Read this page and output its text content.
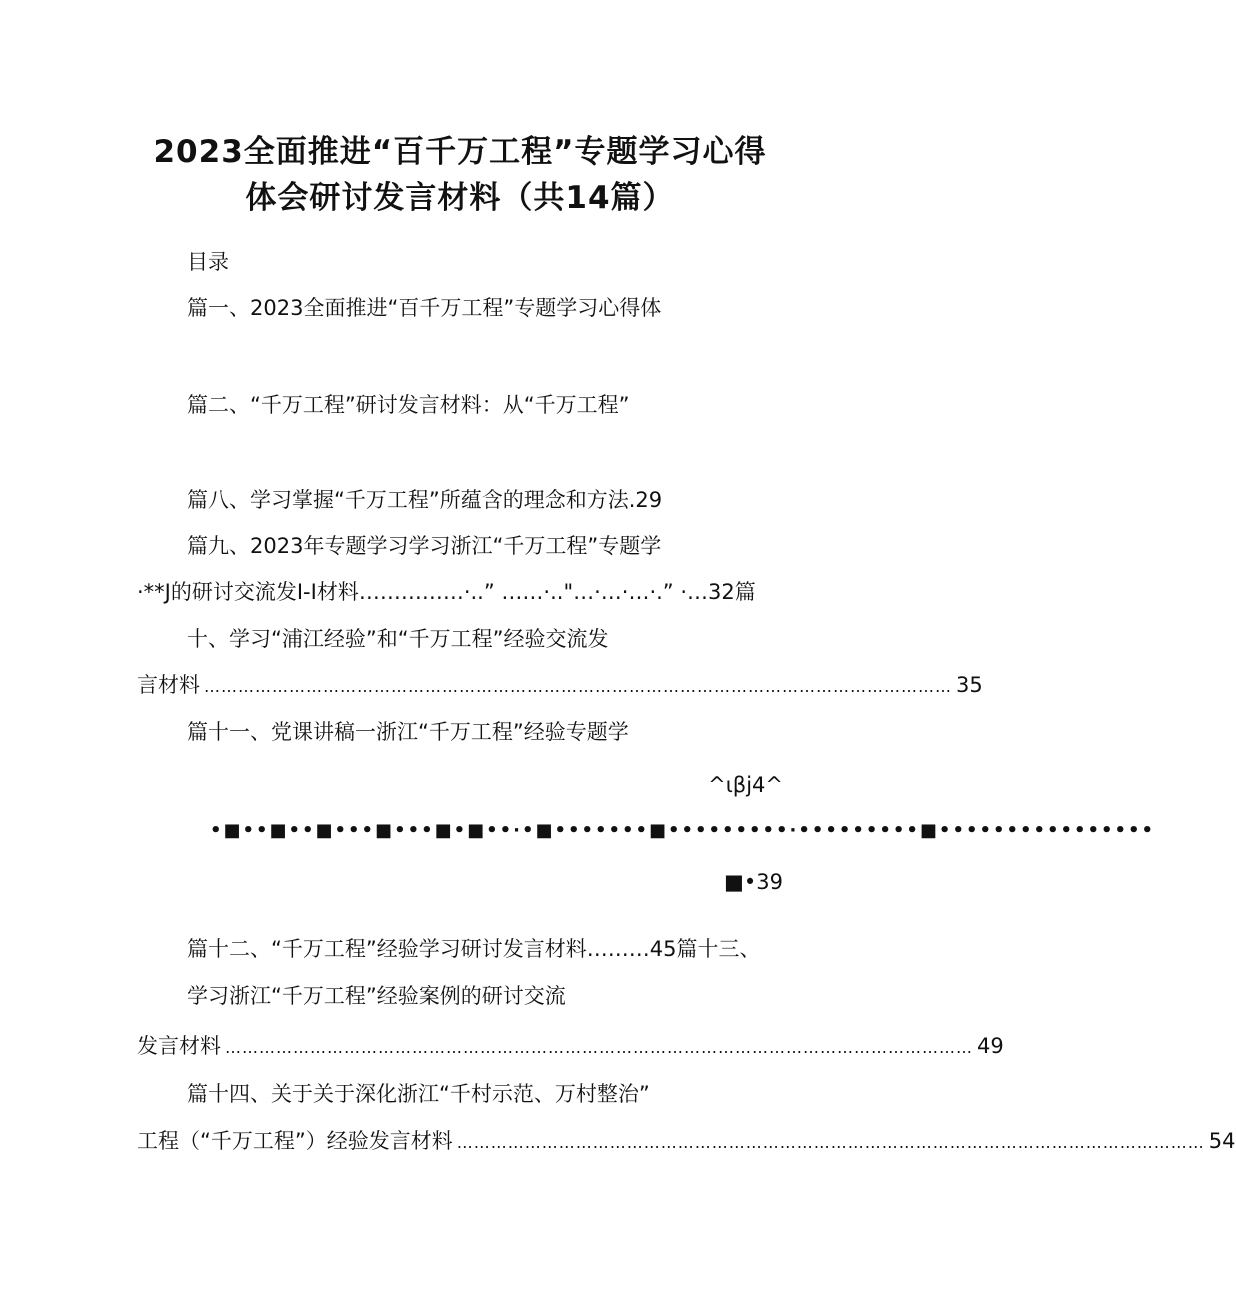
2023全面推进“百千万工程”专题学习心得
体会研讨发言材料（共14篇）
目录
篇一、2023全面推进“百千万工程”专题学习心得体
篇二、“千万工程”研讨发言材料：从“千万工程”
篇八、学习掌握“千万工程”所蕴含的理念和方法.29
篇九、2023年专题学习学习浙江“千万工程”专题学
·**J的研讨交流发I-I材料……………·..” ……·.."…·…·…·.” ·…32篇
十、学习“浦江经验”和“千万工程”经验交流发
言材料 …………………………………………………………………………………………………………………… 35
篇十一、党课讲稿一浙江“千万工程”经验专题学
^ιβj4^
•■••■••■•••■•••■•■••·•■•••••••■•••••••••·•••••••••■••••••••••••••••
■•39
篇十二、“千万工程”经验学习研讨发言材料………45篇十三、
学习浙江“千万工程”经验案例的研讨交流
发言材料 …………………………………………………………………………………………………………………… 49
篇十四、关于关于深化浙江“千村示范、万村整治”
工程（“千万工程”）经验发言材料 …………………………………………………………………………………………………………………… 54
